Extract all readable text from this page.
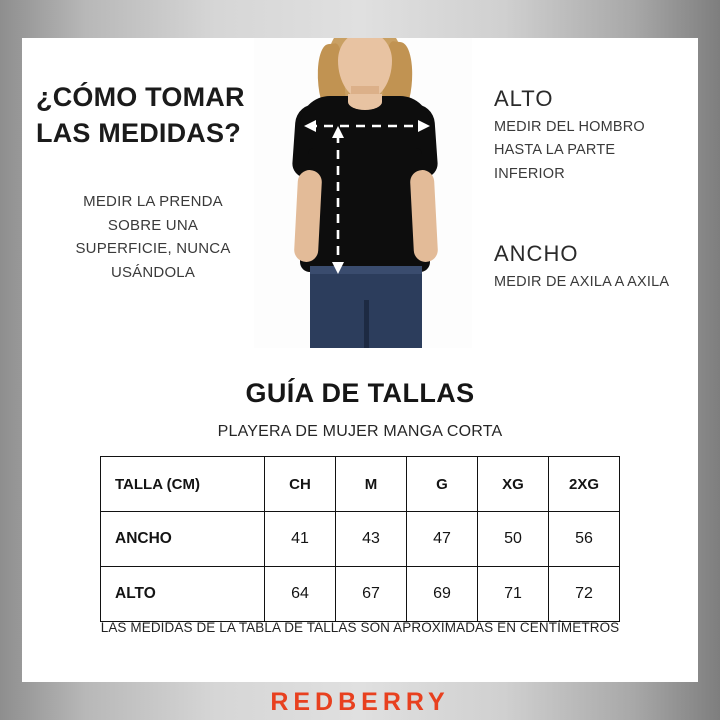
¿CÓMO TOMAR LAS MEDIDAS?
MEDIR LA PRENDA SOBRE UNA SUPERFICIE, NUNCA USÁNDOLA
ALTO
MEDIR DEL HOMBRO HASTA LA PARTE INFERIOR
ANCHO
MEDIR DE AXILA A AXILA
GUÍA DE TALLAS
PLAYERA DE MUJER MANGA CORTA
TALLA (CM)	CH	M	G	XG	2XG
ANCHO	41	43	47	50	56
ALTO	64	67	69	71	72
LAS MEDIDAS DE LA TABLA DE TALLAS SON APROXIMADAS EN CENTÍMETROS
REDBERRY
